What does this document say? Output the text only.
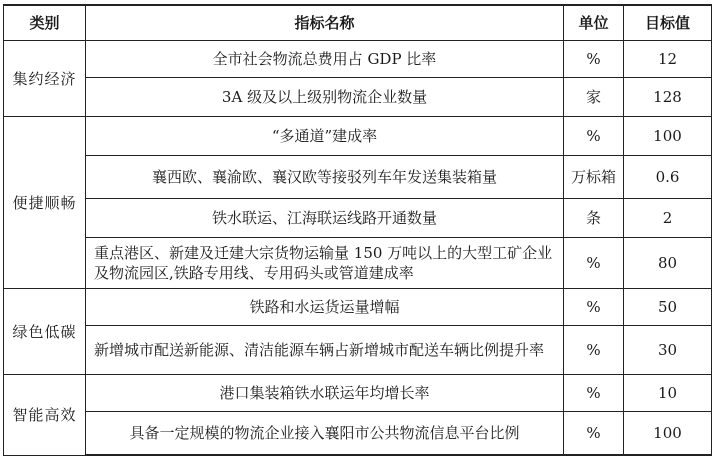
类别	指标名称	单位	目标值
集约经济	全市社会物流总费用占 GDP 比率	%	12
	3A 级及以上级别物流企业数量	家	128
便捷顺畅	“多通道”建成率	%	100
	襄西欧、襄渝欧、襄汉欧等接驳列车年发送集装箱量	万标箱	0.6
	铁水联运、江海联运线路开通数量	条	2
	重点港区、新建及迁建大宗货物运输量 150 万吨以上的大型工矿企业及物流园区,铁路专用线、专用码头或管道建成率	%	80
绿色低碳	铁路和水运货运量增幅	%	50
	新增城市配送新能源、清洁能源车辆占新增城市配送车辆比例提升率	%	30
智能高效	港口集装箱铁水联运年均增长率	%	10
	具备一定规模的物流企业接入襄阳市公共物流信息平台比例	%	100
